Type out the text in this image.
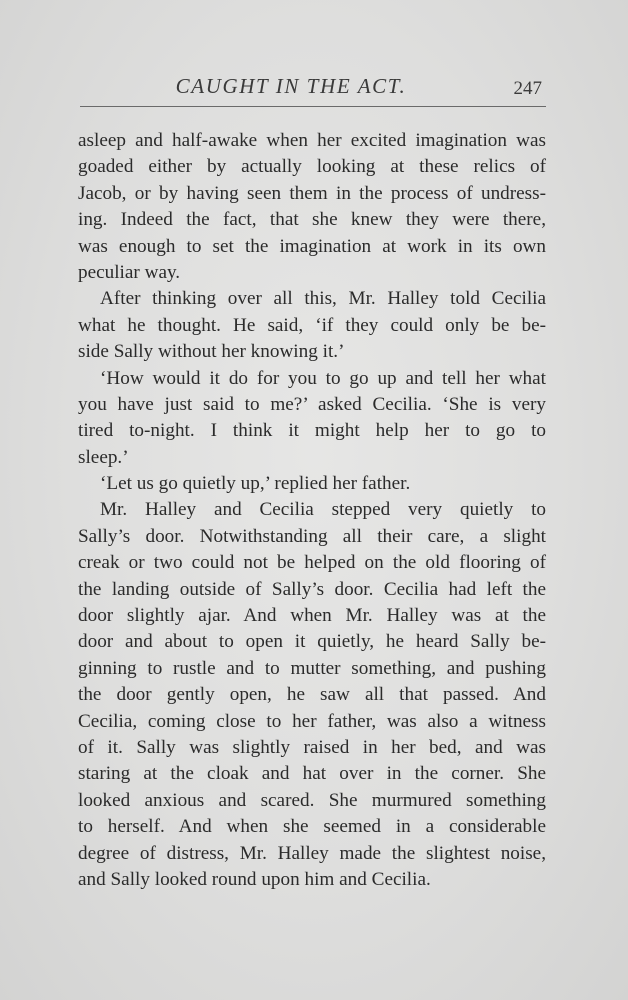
CAUGHT IN THE ACT.	247
asleep and half-awake when her excited imagination was
goaded either by actually looking at these relics of
Jacob, or by having seen them in the process of undress-
ing. Indeed the fact, that she knew they were there,
was enough to set the imagination at work in its own
peculiar way.
After thinking over all this, Mr. Halley told Cecilia
what he thought. He said, ‘if they could only be be-
side Sally without her knowing it.’
‘How would it do for you to go up and tell her what
you have just said to me?’ asked Cecilia. ‘She is very
tired to-night. I think it might help her to go to
sleep.’
‘Let us go quietly up,’ replied her father.
Mr. Halley and Cecilia stepped very quietly to
Sally’s door. Notwithstanding all their care, a slight
creak or two could not be helped on the old flooring of
the landing outside of Sally’s door. Cecilia had left the
door slightly ajar. And when Mr. Halley was at the
door and about to open it quietly, he heard Sally be-
ginning to rustle and to mutter something, and pushing
the door gently open, he saw all that passed. And
Cecilia, coming close to her father, was also a witness
of it. Sally was slightly raised in her bed, and was
staring at the cloak and hat over in the corner. She
looked anxious and scared. She murmured something
to herself. And when she seemed in a considerable
degree of distress, Mr. Halley made the slightest noise,
and Sally looked round upon him and Cecilia.
